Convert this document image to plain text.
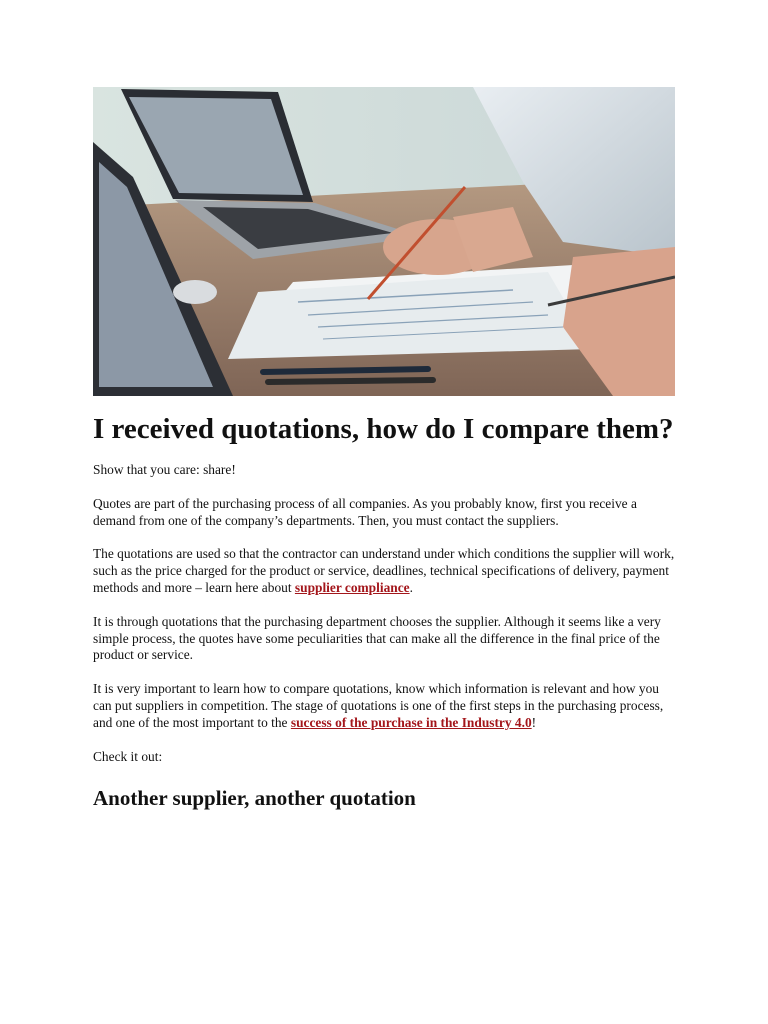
I received quotations, how do I compare them?

Show that you care: share!

Quotes are part of the purchasing process of all companies. As you probably know, first you receive a demand from one of the company’s departments. Then, you must contact the suppliers.

The quotations are used so that the contractor can understand under which conditions the supplier will work, such as the price charged for the product or service, deadlines, technical specifications of delivery, payment methods and more – learn here about supplier compliance.

It is through quotations that the purchasing department chooses the supplier. Although it seems like a very simple process, the quotes have some peculiarities that can make all the difference in the final price of the product or service.

It is very important to learn how to compare quotations, know which information is relevant and how you can put suppliers in competition. The stage of quotations is one of the first steps in the purchasing process, and one of the most important to the success of the purchase in the Industry 4.0!

Check it out:

Another supplier, another quotation
